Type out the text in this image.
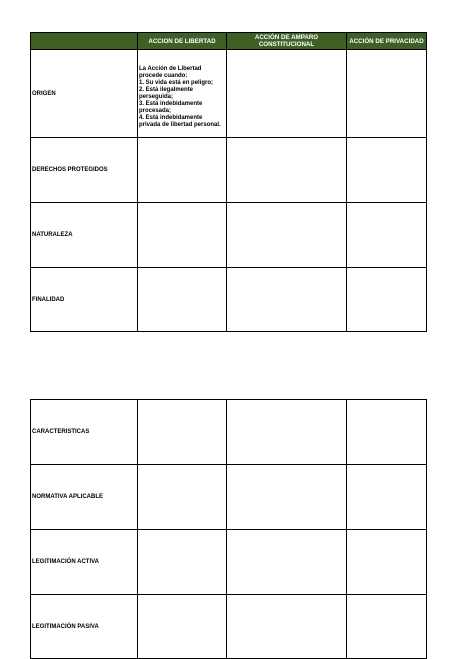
	ACCION DE LIBERTAD	ACCIÓN DE AMPARO CONSTITUCIONAL	ACCIÓN DE PRIVACIDAD
ORIGEN	La Acción de Libertad procede cuando:
1. Su vida está en peligro;
2. Está ilegalmente perseguida;
3. Está indebidamente procesada;
4. Está indebidamente privada de libertad personal.		

DERECHOS PROTEGIDOS			
NATURALEZA			
FINALIDAD			
CARACTERISTICAS			
NORMATIVA APLICABLE			
LEGITIMACIÓN ACTIVA			
LEGITIMACIÓN PASIVA			
